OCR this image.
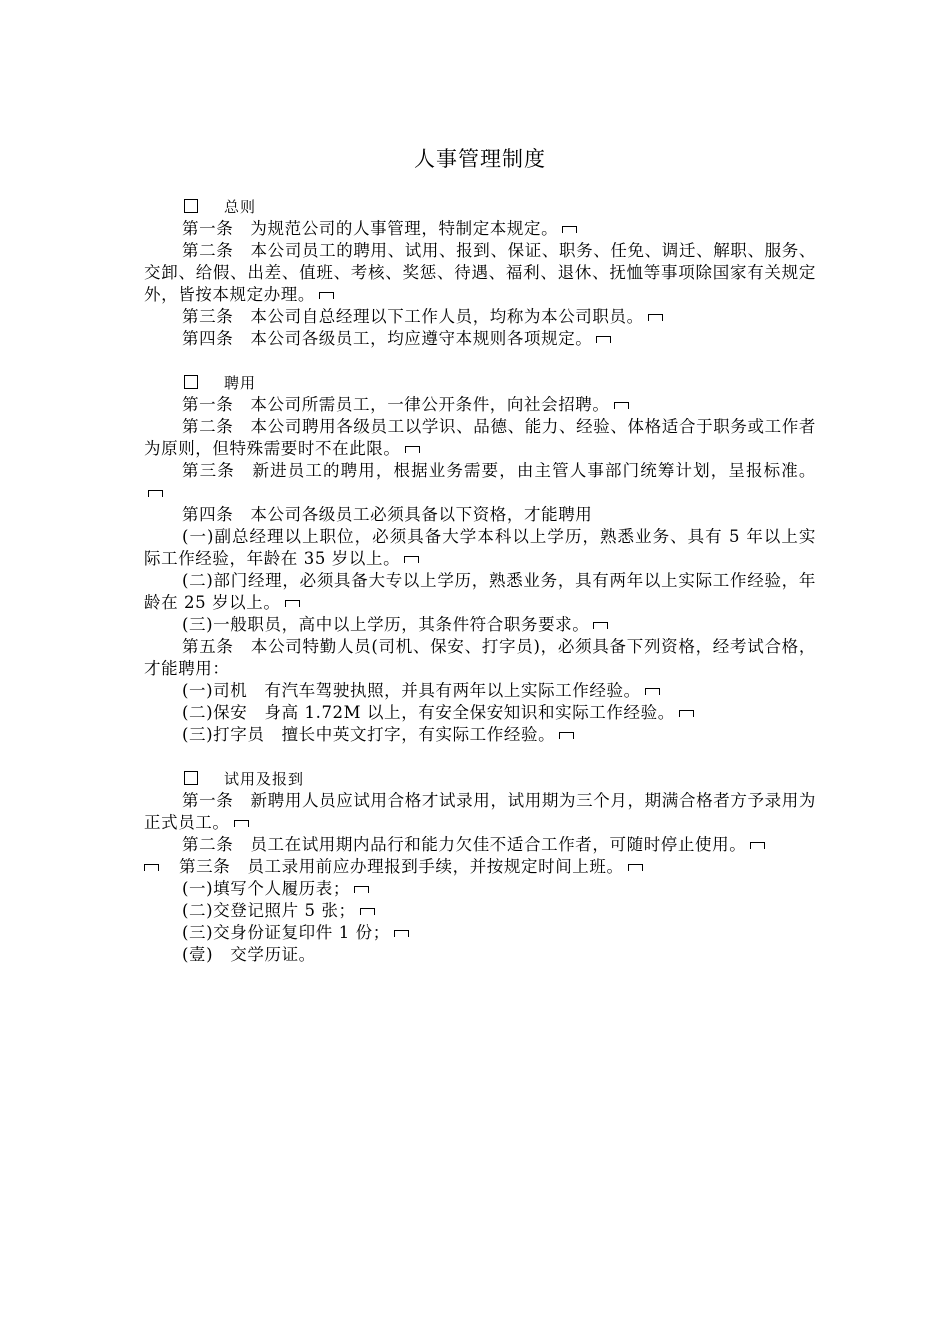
人事管理制度
总则
第一条　为规范公司的人事管理，特制定本规定。
第二条　本公司员工的聘用、试用、报到、保证、职务、任免、调迁、解职、服务、交卸、给假、出差、值班、考核、奖惩、待遇、福利、退休、抚恤等事项除国家有关规定外，皆按本规定办理。
第三条　本公司自总经理以下工作人员，均称为本公司职员。
第四条　本公司各级员工，均应遵守本规则各项规定。
聘用
第一条　本公司所需员工，一律公开条件，向社会招聘。
第二条　本公司聘用各级员工以学识、品德、能力、经验、体格适合于职务或工作者为原则，但特殊需要时不在此限。
第三条　新进员工的聘用，根据业务需要，由主管人事部门统筹计划，呈报标准。
第四条　本公司各级员工必须具备以下资格，才能聘用
(一)副总经理以上职位，必须具备大学本科以上学历，熟悉业务、具有 5 年以上实际工作经验，年龄在 35 岁以上。
(二)部门经理，必须具备大专以上学历，熟悉业务，具有两年以上实际工作经验，年龄在 25 岁以上。
(三)一般职员，高中以上学历，其条件符合职务要求。
第五条　本公司特勤人员(司机、保安、打字员)，必须具备下列资格，经考试合格，才能聘用：
(一)司机　有汽车驾驶执照，并具有两年以上实际工作经验。
(二)保安　身高 1.72M 以上，有安全保安知识和实际工作经验。
(三)打字员　擅长中英文打字，有实际工作经验。
试用及报到
第一条　新聘用人员应试用合格才试录用，试用期为三个月，期满合格者方予录用为正式员工。
第二条　员工在试用期内品行和能力欠佳不适合工作者，可随时停止使用。
第三条　员工录用前应办理报到手续，并按规定时间上班。
(一)填写个人履历表；
(二)交登记照片 5 张；
(三)交身份证复印件 1 份；
(壹)　交学历证。
